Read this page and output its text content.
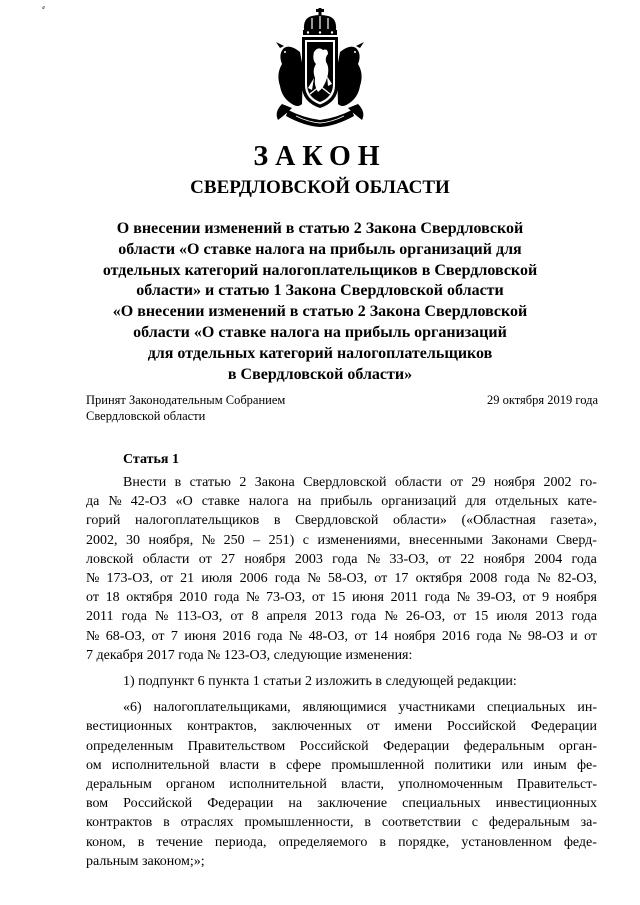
⸗
ЗАКОН
СВЕРДЛОВСКОЙ ОБЛАСТИ
О внесении изменений в статью 2 Закона Свердловской
области «О ставке налога на прибыль организаций для
отдельных категорий налогоплательщиков в Свердловской
области» и статью 1 Закона Свердловской области
«О внесении изменений в статью 2 Закона Свердловской
области «О ставке налога на прибыль организаций
для отдельных категорий налогоплательщиков
в Свердловской области»
Принят Законодательным Собранием
Свердловской области
29 октября 2019 года
Статья 1
Внести в статью 2 Закона Свердловской области от 29 ноября 2002 го-
да № 42-ОЗ «О ставке налога на прибыль организаций для отдельных кате-
горий налогоплательщиков в Свердловской области» («Областная газета»,
2002, 30 ноября, № 250 – 251) с изменениями, внесенными Законами Сверд-
ловской области от 27 ноября 2003 года № 33-ОЗ, от 22 ноября 2004 года
№ 173-ОЗ, от 21 июля 2006 года № 58-ОЗ, от 17 октября 2008 года № 82-ОЗ,
от 18 октября 2010 года № 73-ОЗ, от 15 июня 2011 года № 39-ОЗ, от 9 ноября
2011 года № 113-ОЗ, от 8 апреля 2013 года № 26-ОЗ, от 15 июля 2013 года
№ 68-ОЗ, от 7 июня 2016 года № 48-ОЗ, от 14 ноября 2016 года № 98-ОЗ и от
7 декабря 2017 года № 123-ОЗ, следующие изменения:
1) подпункт 6 пункта 1 статьи 2 изложить в следующей редакции:
«6) налогоплательщиками, являющимися участниками специальных ин-
вестиционных контрактов, заключенных от имени Российской Федерации
определенным Правительством Российской Федерации федеральным орган-
ом исполнительной власти в сфере промышленной политики или иным фе-
деральным органом исполнительной власти, уполномоченным Правительст-
вом Российской Федерации на заключение специальных инвестиционных
контрактов в отраслях промышленности, в соответствии с федеральным за-
коном, в течение периода, определяемого в порядке, установленном феде-
ральным законом;»;
